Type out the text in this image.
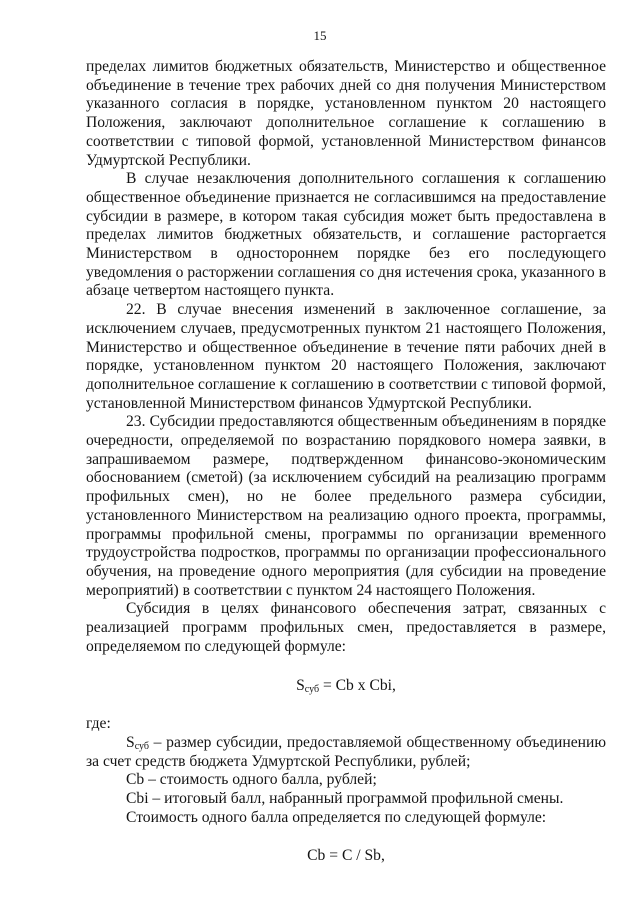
15

пределах лимитов бюджетных обязательств, Министерство и общественное объединение в течение трех рабочих дней со дня получения Министерством указанного согласия в порядке, установленном пунктом 20 настоящего Положения, заключают дополнительное соглашение к соглашению в соответствии с типовой формой, установленной Министерством финансов Удмуртской Республики.

В случае незаключения дополнительного соглашения к соглашению общественное объединение признается не согласившимся на предоставление субсидии в размере, в котором такая субсидия может быть предоставлена в пределах лимитов бюджетных обязательств, и соглашение расторгается Министерством в одностороннем порядке без его последующего уведомления о расторжении соглашения со дня истечения срока, указанного в абзаце четвертом настоящего пункта.

22. В случае внесения изменений в заключенное соглашение, за исключением случаев, предусмотренных пунктом 21 настоящего Положения, Министерство и общественное объединение в течение пяти рабочих дней в порядке, установленном пунктом 20 настоящего Положения, заключают дополнительное соглашение к соглашению в соответствии с типовой формой, установленной Министерством финансов Удмуртской Республики.

23. Субсидии предоставляются общественным объединениям в порядке очередности, определяемой по возрастанию порядкового номера заявки, в запрашиваемом размере, подтвержденном финансово-экономическим обоснованием (сметой) (за исключением субсидий на реализацию программ профильных смен), но не более предельного размера субсидии, установленного Министерством на реализацию одного проекта, программы, программы профильной смены, программы по организации временного трудоустройства подростков, программы по организации профессионального обучения, на проведение одного мероприятия (для субсидии на проведение мероприятий) в соответствии с пунктом 24 настоящего Положения.

Субсидия в целях финансового обеспечения затрат, связанных с реализацией программ профильных смен, предоставляется в размере, определяемом по следующей формуле:

$S_{суб} = Cb$ x Cbi,

где:

$S_{суб}$ – размер субсидии, предоставляемой общественному объединению за счет средств бюджета Удмуртской Республики, рублей;

Cb – стоимость одного балла, рублей;

Cbi – итоговый балл, набранный программой профильной смены.

Стоимость одного балла определяется по следующей формуле:

Cb = C / Sb,
